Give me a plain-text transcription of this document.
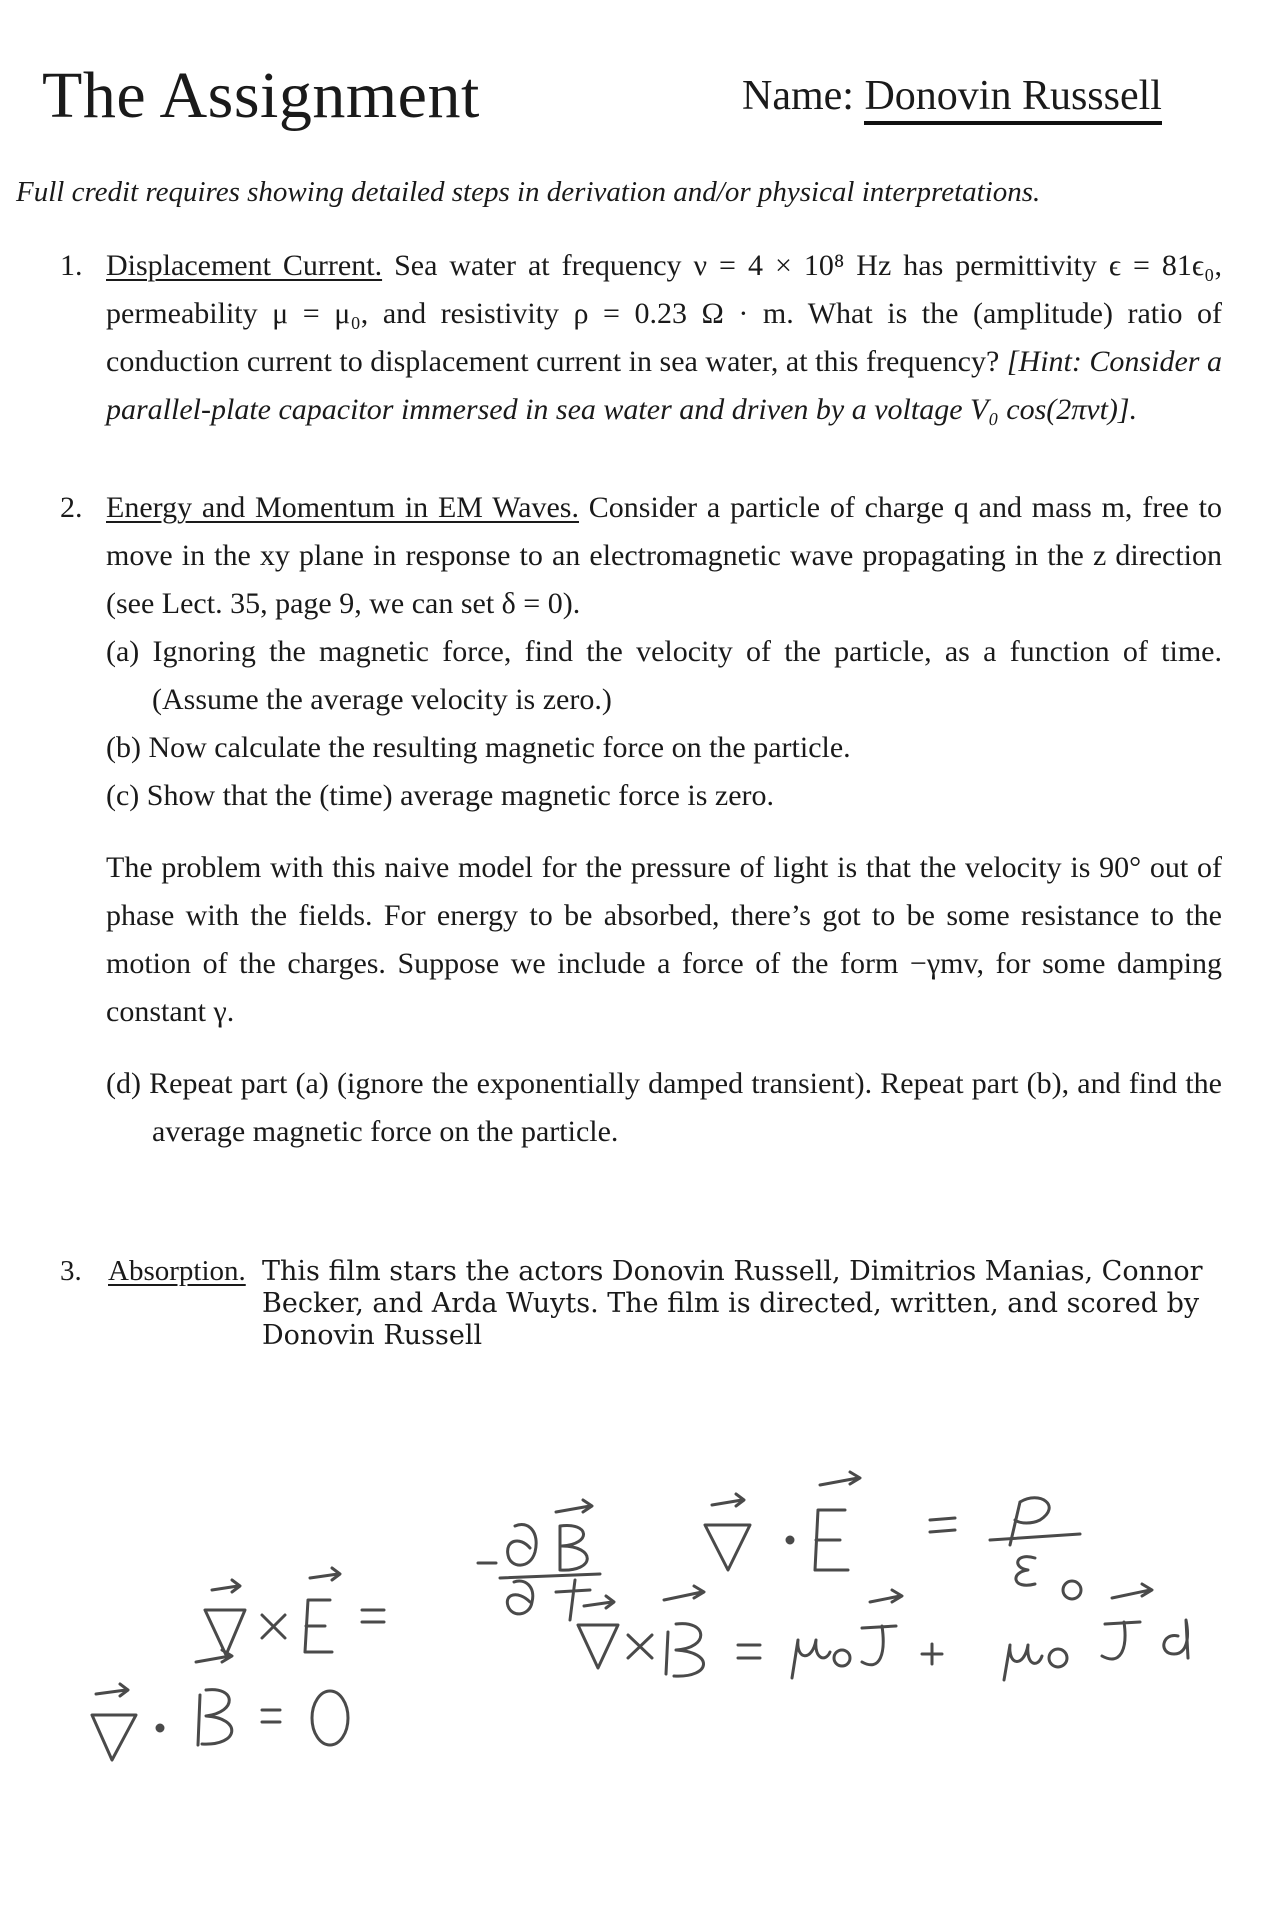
The Assignment	Name: Donovin Russsell
Full credit requires showing detailed steps in derivation and/or physical interpretations.
1. Displacement Current. Sea water at frequency ν = 4 × 10⁸ Hz has permittivity ϵ = 81ϵ₀, permeability μ = μ₀, and resistivity ρ = 0.23 Ω · m. What is the (amplitude) ratio of conduction current to displacement current in sea water, at this frequency? [Hint: Consider a parallel-plate capacitor immersed in sea water and driven by a voltage V₀ cos(2πνt)].
2. Energy and Momentum in EM Waves. Consider a particle of charge q and mass m, free to move in the xy plane in response to an electromagnetic wave propagating in the z direction (see Lect. 35, page 9, we can set δ = 0).
(a) Ignoring the magnetic force, find the velocity of the particle, as a function of time. (Assume the average velocity is zero.)
(b) Now calculate the resulting magnetic force on the particle.
(c) Show that the (time) average magnetic force is zero.
The problem with this naive model for the pressure of light is that the velocity is 90° out of phase with the fields. For energy to be absorbed, there’s got to be some resistance to the motion of the charges. Suppose we include a force of the form −γmv, for some damping constant γ.
(d) Repeat part (a) (ignore the exponentially damped transient). Repeat part (b), and find the average magnetic force on the particle.
3. Absorption. This film stars the actors Donovin Russell, Dimitrios Manias, Connor Becker, and Arda Wuyts. The film is directed, written, and scored by Donovin Russell
